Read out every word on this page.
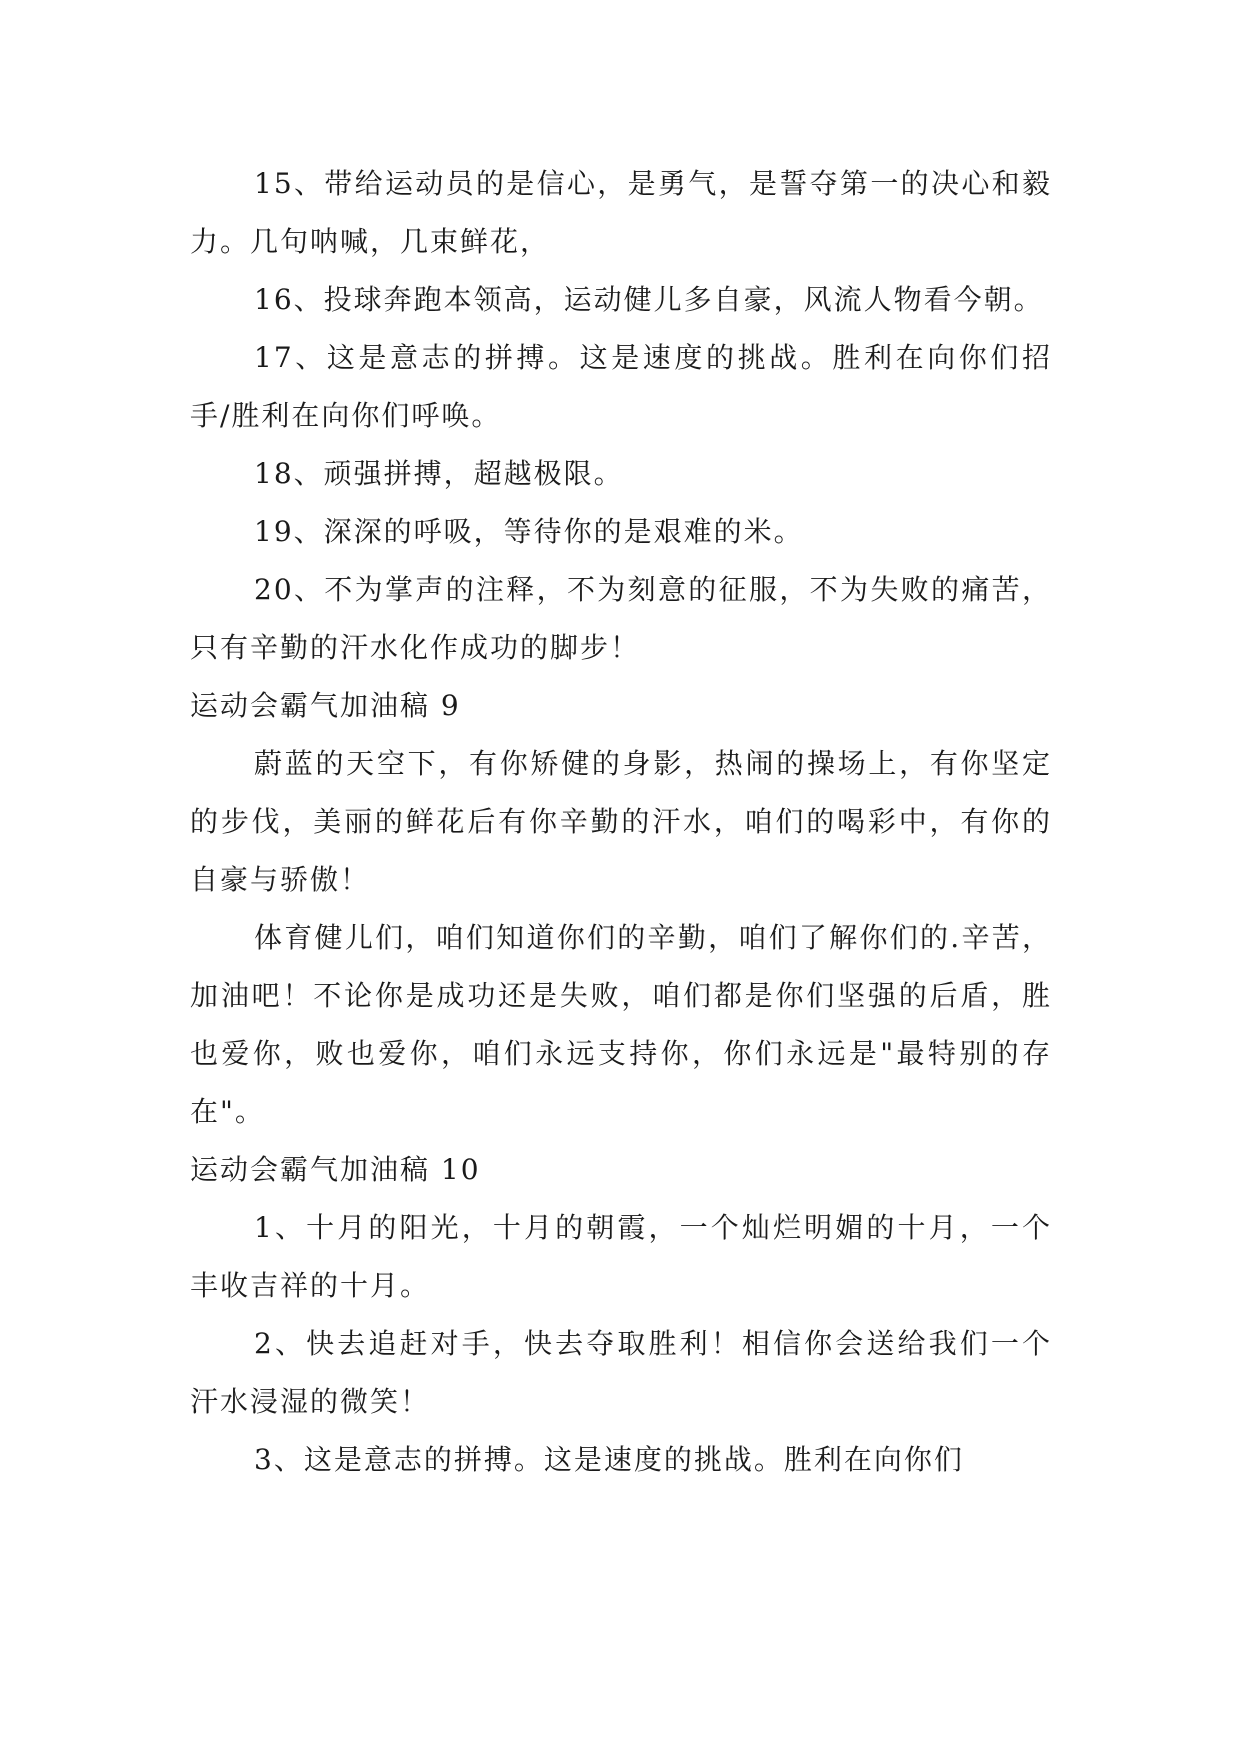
15、带给运动员的是信心，是勇气，是誓夺第一的决心和毅力。几句呐喊，几束鲜花，

16、投球奔跑本领高，运动健儿多自豪，风流人物看今朝。

17、这是意志的拼搏。这是速度的挑战。胜利在向你们招手/胜利在向你们呼唤。

18、顽强拼搏，超越极限。

19、深深的呼吸，等待你的是艰难的米。

20、不为掌声的注释，不为刻意的征服，不为失败的痛苦，只有辛勤的汗水化作成功的脚步！

运动会霸气加油稿 9

蔚蓝的天空下，有你矫健的身影，热闹的操场上，有你坚定的步伐，美丽的鲜花后有你辛勤的汗水，咱们的喝彩中，有你的自豪与骄傲！

体育健儿们，咱们知道你们的辛勤，咱们了解你们的.辛苦，加油吧！不论你是成功还是失败，咱们都是你们坚强的后盾，胜也爱你，败也爱你，咱们永远支持你，你们永远是"最特别的存在"。

运动会霸气加油稿 10

1、十月的阳光，十月的朝霞，一个灿烂明媚的十月，一个丰收吉祥的十月。

2、快去追赶对手，快去夺取胜利！相信你会送给我们一个汗水浸湿的微笑！

3、这是意志的拼搏。这是速度的挑战。胜利在向你们
